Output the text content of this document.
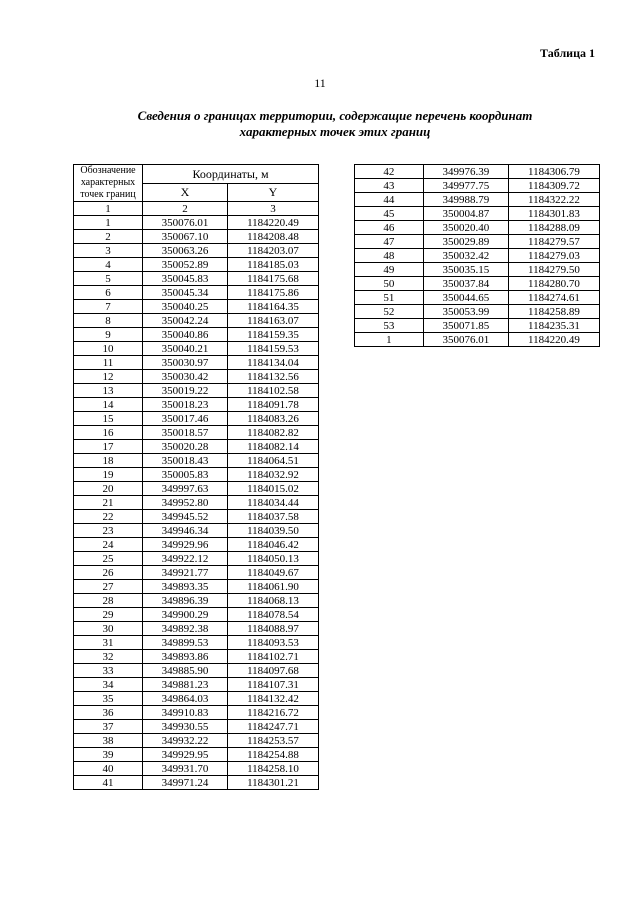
Таблица 1
11
Сведения о границах территории, содержащие перечень координат характерных точек этих границ
Обозначение характерных точек границ	Координаты, м	
	X	Y
1	2	3
1	350076.01	1184220.49
2	350067.10	1184208.48
3	350063.26	1184203.07
4	350052.89	1184185.03
5	350045.83	1184175.68
6	350045.34	1184175.86
7	350040.25	1184164.35
8	350042.24	1184163.07
9	350040.86	1184159.35
10	350040.21	1184159.53
11	350030.97	1184134.04
12	350030.42	1184132.56
13	350019.22	1184102.58
14	350018.23	1184091.78
15	350017.46	1184083.26
16	350018.57	1184082.82
17	350020.28	1184082.14
18	350018.43	1184064.51
19	350005.83	1184032.92
20	349997.63	1184015.02
21	349952.80	1184034.44
22	349945.52	1184037.58
23	349946.34	1184039.50
24	349929.96	1184046.42
25	349922.12	1184050.13
26	349921.77	1184049.67
27	349893.35	1184061.90
28	349896.39	1184068.13
29	349900.29	1184078.54
30	349892.38	1184088.97
31	349899.53	1184093.53
32	349893.86	1184102.71
33	349885.90	1184097.68
34	349881.23	1184107.31
35	349864.03	1184132.42
36	349910.83	1184216.72
37	349930.55	1184247.71
38	349932.22	1184253.57
39	349929.95	1184254.88
40	349931.70	1184258.10
41	349971.24	1184301.21
42	349976.39	1184306.79
43	349977.75	1184309.72
44	349988.79	1184322.22
45	350004.87	1184301.83
46	350020.40	1184288.09
47	350029.89	1184279.57
48	350032.42	1184279.03
49	350035.15	1184279.50
50	350037.84	1184280.70
51	350044.65	1184274.61
52	350053.99	1184258.89
53	350071.85	1184235.31
1	350076.01	1184220.49
